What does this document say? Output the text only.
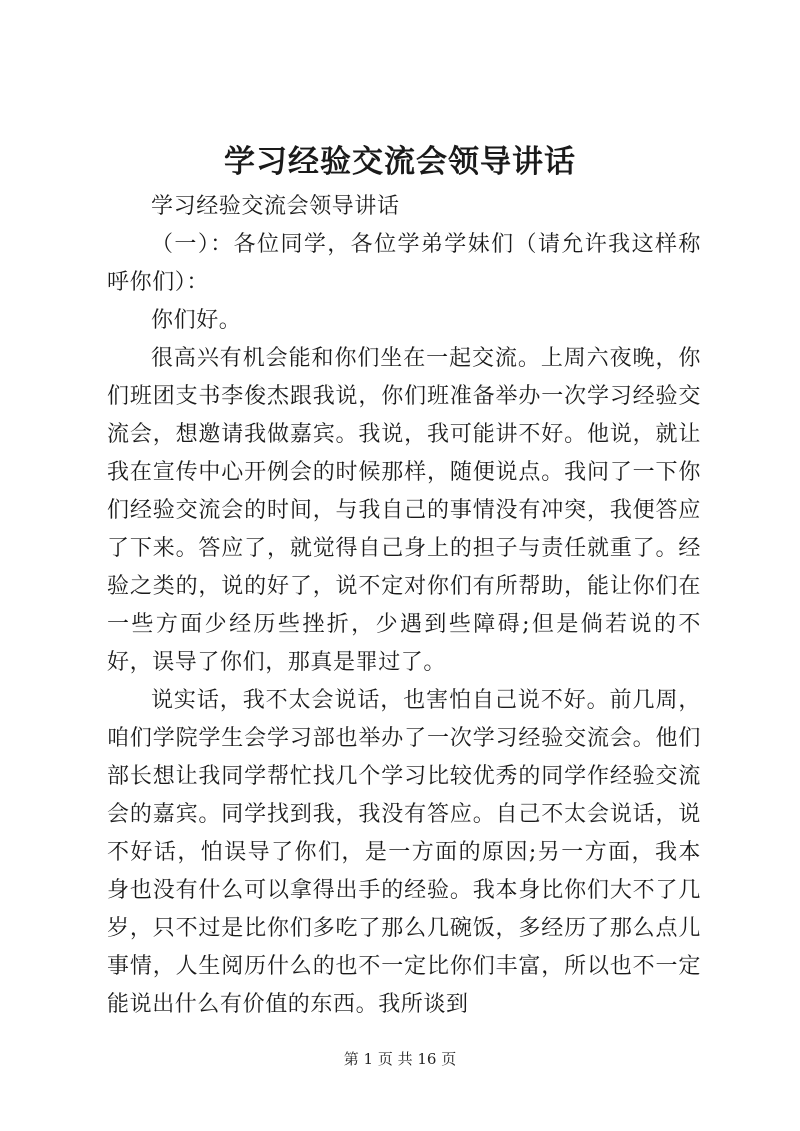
学习经验交流会领导讲话

学习经验交流会领导讲话

（一）：各位同学，各位学弟学妹们（请允许我这样称呼你们）：

你们好。

很高兴有机会能和你们坐在一起交流。上周六夜晚，你们班团支书李俊杰跟我说，你们班准备举办一次学习经验交流会，想邀请我做嘉宾。我说，我可能讲不好。他说，就让我在宣传中心开例会的时候那样，随便说点。我问了一下你们经验交流会的时间，与我自己的事情没有冲突，我便答应了下来。答应了，就觉得自己身上的担子与责任就重了。经验之类的，说的好了，说不定对你们有所帮助，能让你们在一些方面少经历些挫折，少遇到些障碍;但是倘若说的不好，误导了你们，那真是罪过了。

说实话，我不太会说话，也害怕自己说不好。前几周，咱们学院学生会学习部也举办了一次学习经验交流会。他们部长想让我同学帮忙找几个学习比较优秀的同学作经验交流会的嘉宾。同学找到我，我没有答应。自己不太会说话，说不好话，怕误导了你们，是一方面的原因;另一方面，我本身也没有什么可以拿得出手的经验。我本身比你们大不了几岁，只不过是比你们多吃了那么几碗饭，多经历了那么点儿事情，人生阅历什么的也不一定比你们丰富，所以也不一定能说出什么有价值的东西。我所谈到

第 1 页 共 16 页
